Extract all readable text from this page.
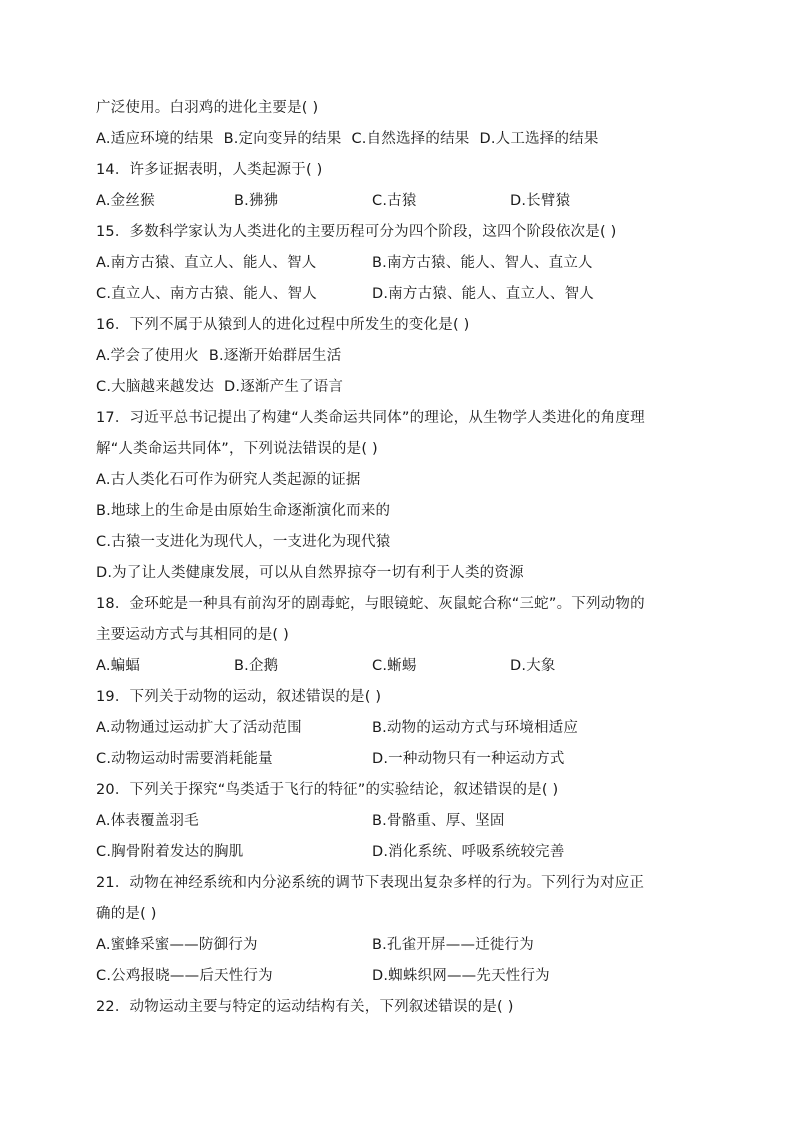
广泛使用。白羽鸡的进化主要是( )
A.适应环境的结果 B.定向变异的结果 C.自然选择的结果 D.人工选择的结果
14．许多证据表明，人类起源于( )
A.金丝猴	B.狒狒	C.古猿	D.长臂猿
15．多数科学家认为人类进化的主要历程可分为四个阶段，这四个阶段依次是( )
A.南方古猿、直立人、能人、智人	B.南方古猿、能人、智人、直立人
C.直立人、南方古猿、能人、智人	D.南方古猿、能人、直立人、智人
16．下列不属于从猿到人的进化过程中所发生的变化是( )
A.学会了使用火 B.逐渐开始群居生活
C.大脑越来越发达 D.逐渐产生了语言
17．习近平总书记提出了构建“人类命运共同体”的理论，从生物学人类进化的角度理
解“人类命运共同体”，下列说法错误的是( )
A.古人类化石可作为研究人类起源的证据
B.地球上的生命是由原始生命逐渐演化而来的
C.古猿一支进化为现代人，一支进化为现代猿
D.为了让人类健康发展，可以从自然界掠夺一切有利于人类的资源
18．金环蛇是一种具有前沟牙的剧毒蛇，与眼镜蛇、灰鼠蛇合称“三蛇”。下列动物的
主要运动方式与其相同的是( )
A.蝙蝠	B.企鹅	C.蜥蜴	D.大象
19．下列关于动物的运动，叙述错误的是( )
A.动物通过运动扩大了活动范围	B.动物的运动方式与环境相适应
C.动物运动时需要消耗能量	D.一种动物只有一种运动方式
20．下列关于探究“鸟类适于飞行的特征”的实验结论，叙述错误的是( )
A.体表覆盖羽毛	B.骨骼重、厚、坚固
C.胸骨附着发达的胸肌	D.消化系统、呼吸系统较完善
21．动物在神经系统和内分泌系统的调节下表现出复杂多样的行为。下列行为对应正
确的是( )
A.蜜蜂采蜜——防御行为	B.孔雀开屏——迁徙行为
C.公鸡报晓——后天性行为	D.蜘蛛织网——先天性行为
22．动物运动主要与特定的运动结构有关，下列叙述错误的是( )
